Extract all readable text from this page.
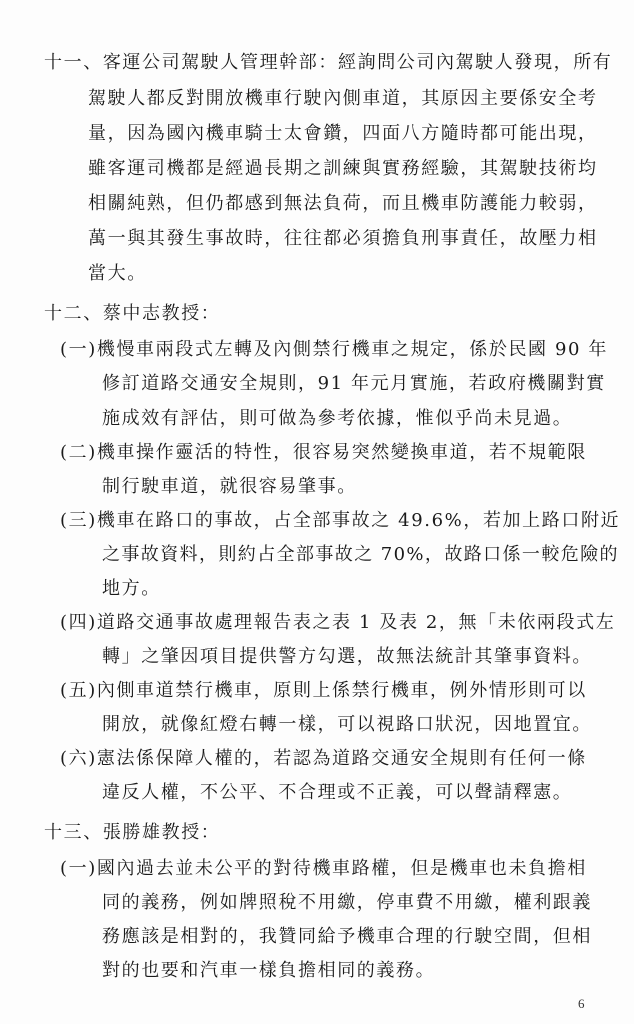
十一、客運公司駕駛人管理幹部：經詢問公司內駕駛人發現，所有
駕駛人都反對開放機車行駛內側車道，其原因主要係安全考
量，因為國內機車騎士太會鑽，四面八方隨時都可能出現，
雖客運司機都是經過長期之訓練與實務經驗，其駕駛技術均
相關純熟，但仍都感到無法負荷，而且機車防護能力較弱，
萬一與其發生事故時，往往都必須擔負刑事責任，故壓力相
當大。
十二、蔡中志教授：
(一)機慢車兩段式左轉及內側禁行機車之規定，係於民國 90 年
修訂道路交通安全規則，91 年元月實施，若政府機關對實
施成效有評估，則可做為參考依據，惟似乎尚未見過。
(二)機車操作靈活的特性，很容易突然變換車道，若不規範限
制行駛車道，就很容易肇事。
(三)機車在路口的事故，占全部事故之 49.6%，若加上路口附近
之事故資料，則約占全部事故之 70%，故路口係一較危險的
地方。
(四)道路交通事故處理報告表之表 1 及表 2，無「未依兩段式左
轉」之肇因項目提供警方勾選，故無法統計其肇事資料。
(五)內側車道禁行機車，原則上係禁行機車，例外情形則可以
開放，就像紅燈右轉一樣，可以視路口狀況，因地置宜。
(六)憲法係保障人權的，若認為道路交通安全規則有任何一條
違反人權，不公平、不合理或不正義，可以聲請釋憲。
十三、張勝雄教授：
(一)國內過去並未公平的對待機車路權，但是機車也未負擔相
同的義務，例如牌照稅不用繳，停車費不用繳，權利跟義
務應該是相對的，我贊同給予機車合理的行駛空間，但相
對的也要和汽車一樣負擔相同的義務。
6
